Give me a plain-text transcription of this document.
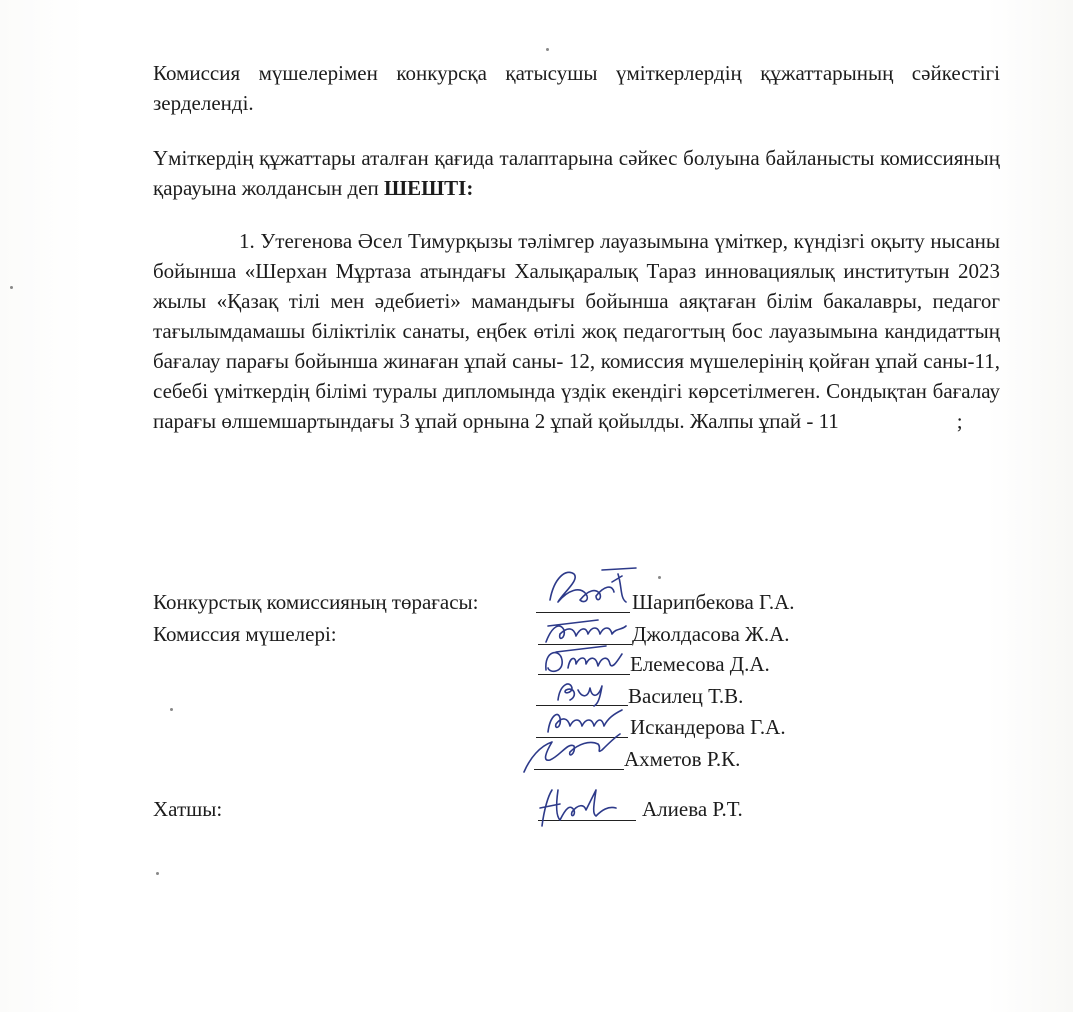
Комиссия мүшелерімен конкурсқа қатысушы үміткерлердің құжаттарының сәйкестігі зерделенді.
Үміткердің құжаттары аталған қағида талаптарына сәйкес болуына байланысты комиссияның қарауына жолдансын деп ШЕШТІ:
1. Утегенова Әсел Тимурқызы тәлімгер лауазымына үміткер, күндізгі оқыту нысаны бойынша «Шерхан Мұртаза атындағы Халықаралық Тараз инновациялық институтын 2023 жылы «Қазақ тілі мен әдебиеті» мамандығы бойынша аяқтаған білім бакалавры, педагог тағылымдамашы біліктілік санаты, еңбек өтілі жоқ педагогтың бос лауазымына кандидаттың бағалау парағы бойынша жинаған ұпай саны- 12, комиссия мүшелерінің қойған ұпай саны-11, себебі үміткердің білімі туралы дипломында үздік екендігі көрсетілмеген. Сондықтан бағалау парағы өлшемшартындағы 3 ұпай орнына 2 ұпай қойылды. Жалпы ұпай - 11	;
Конкурстық комиссияның төрағасы:	Шарипбекова Г.А.
Комиссия мүшелері:	Джолдасова Ж.А.
Елемесова Д.А.
Василец Т.В.
Искандерова Г.А.
Ахметов Р.К.
Хатшы:	Алиева Р.Т.
